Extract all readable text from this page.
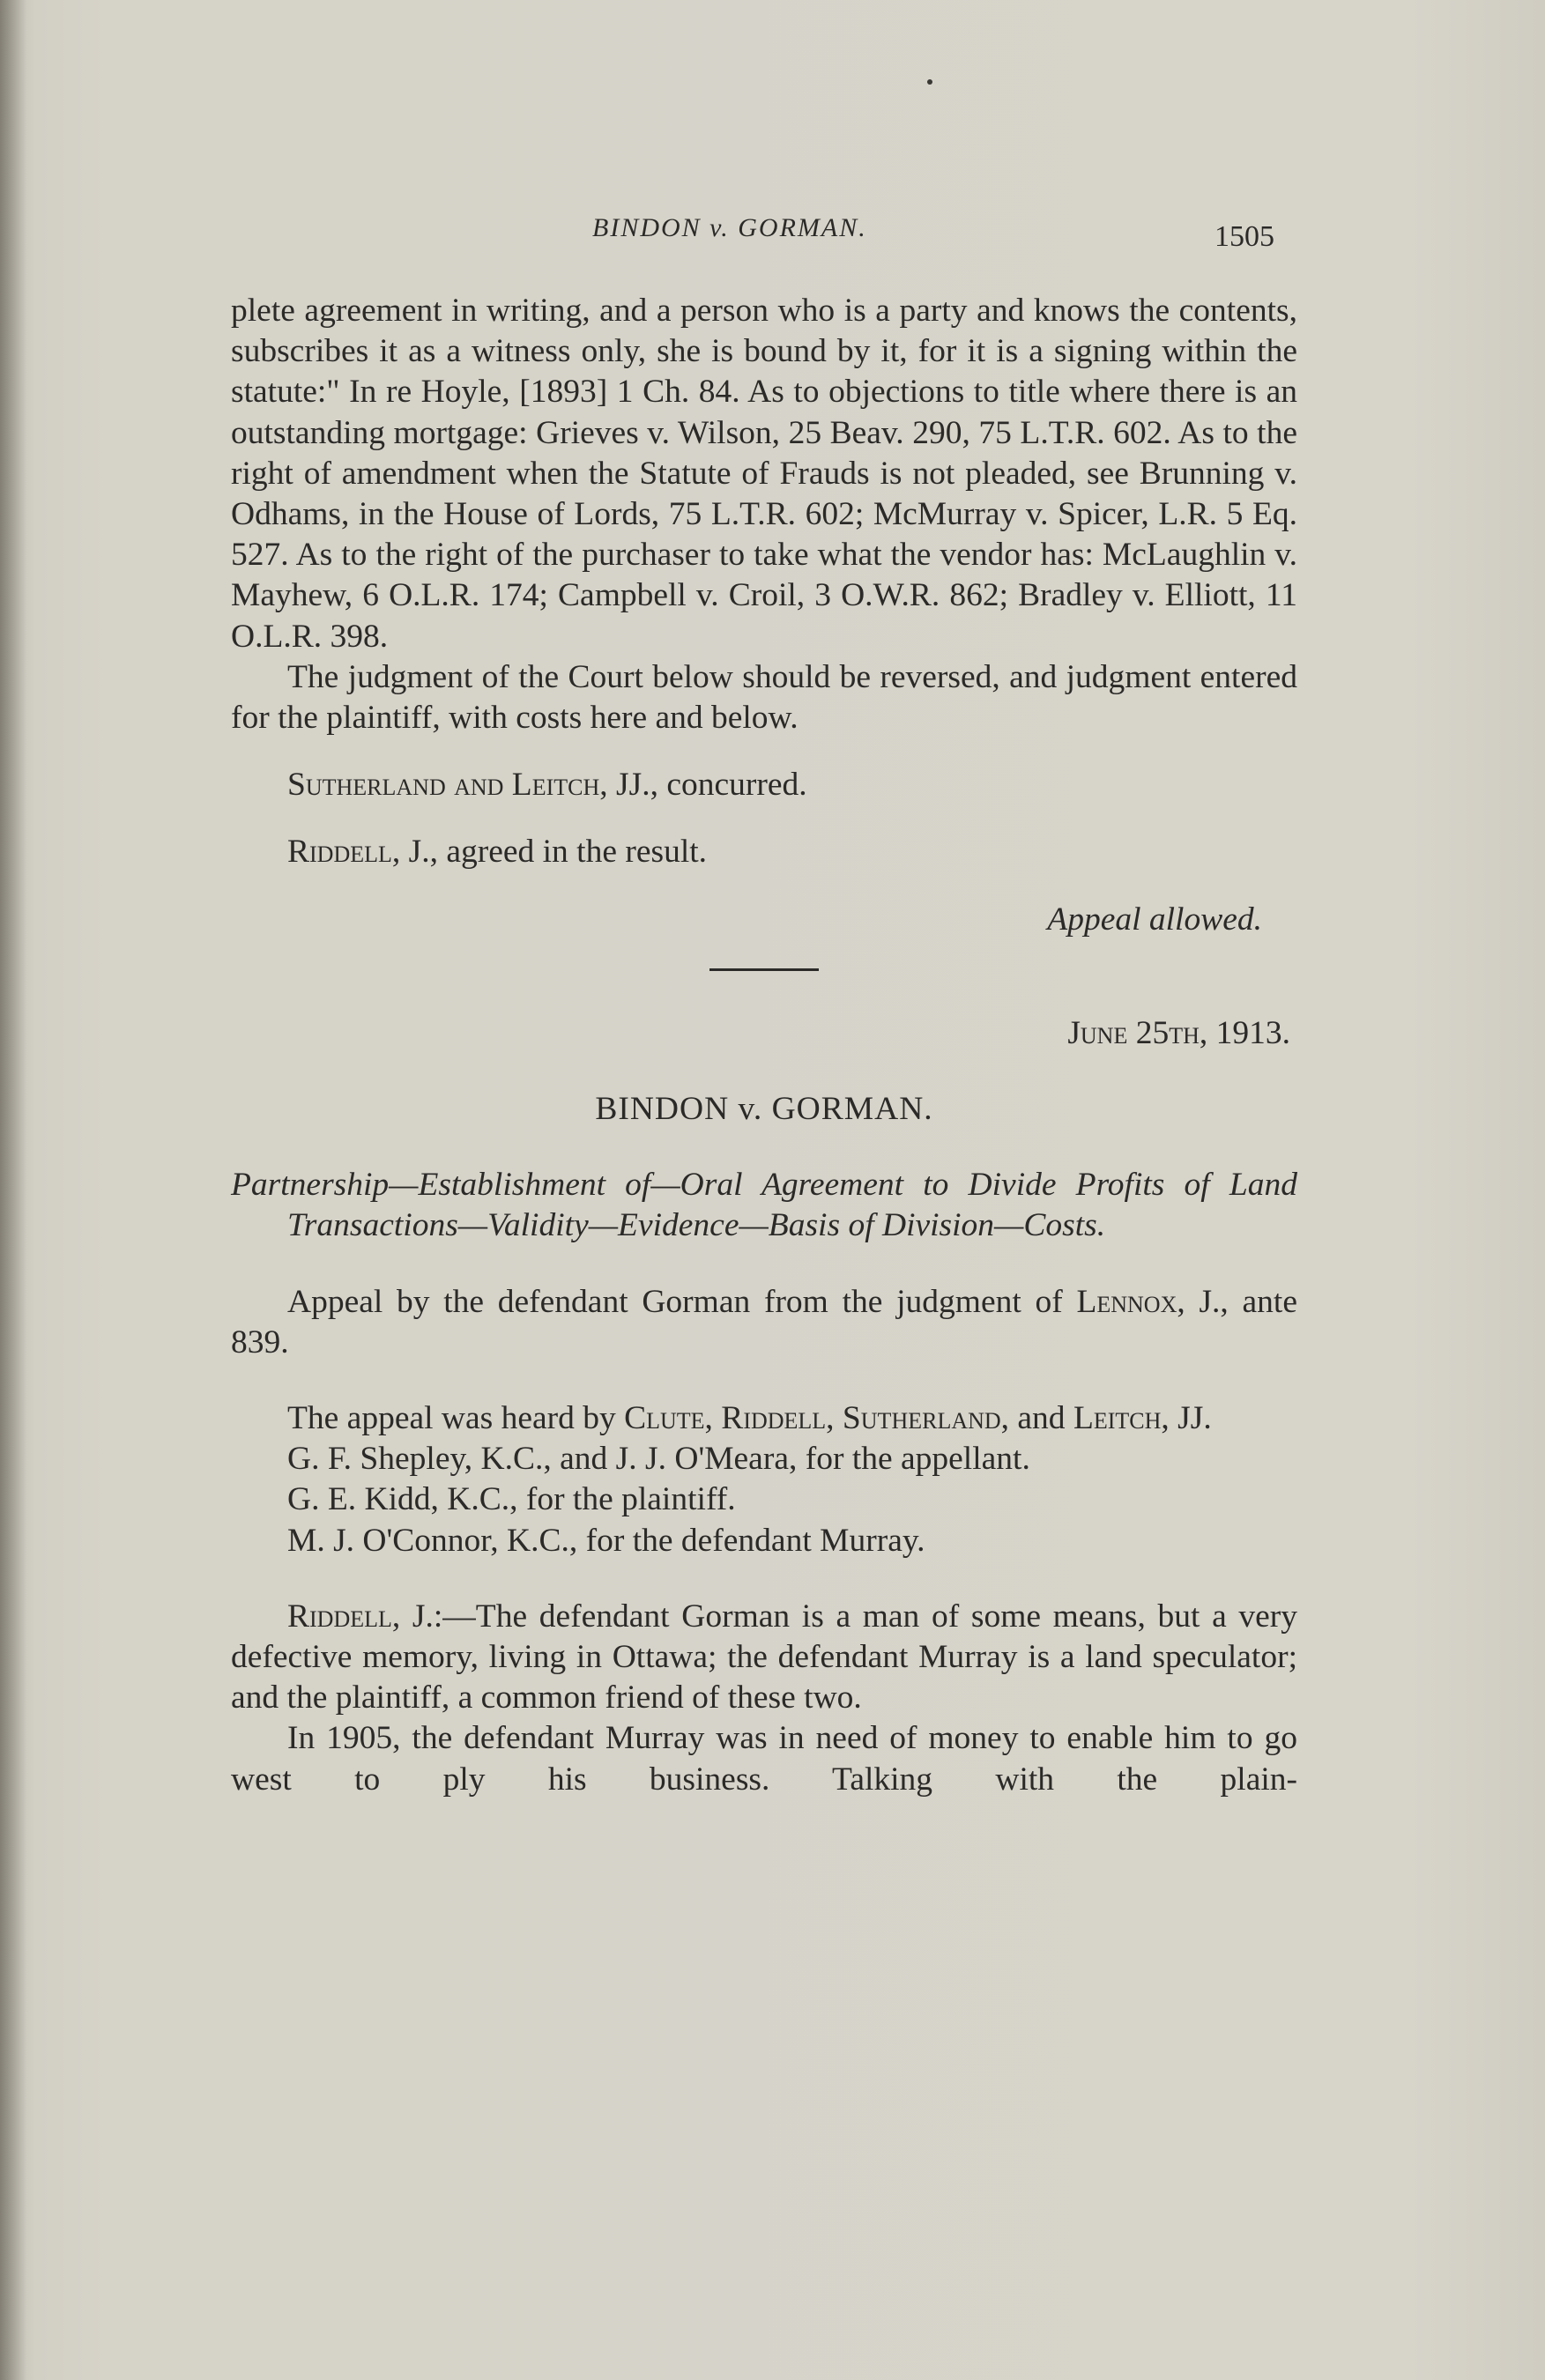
BINDON v. GORMAN.	1505

plete agreement in writing, and a person who is a party and knows the contents, subscribes it as a witness only, she is bound by it, for it is a signing within the statute:" In re Hoyle, [1893] 1 Ch. 84. As to objections to title where there is an outstanding mortgage: Grieves v. Wilson, 25 Beav. 290, 75 L.T.R. 602. As to the right of amendment when the Statute of Frauds is not pleaded, see Brunning v. Odhams, in the House of Lords, 75 L.T.R. 602; McMurray v. Spicer, L.R. 5 Eq. 527. As to the right of the purchaser to take what the vendor has: McLaughlin v. Mayhew, 6 O.L.R. 174; Campbell v. Croil, 3 O.W.R. 862; Bradley v. Elliott, 11 O.L.R. 398.

The judgment of the Court below should be reversed, and judgment entered for the plaintiff, with costs here and below.

Sutherland and Leitch, JJ., concurred.

Riddell, J., agreed in the result.

Appeal allowed.

June 25th, 1913.

BINDON v. GORMAN.

Partnership—Establishment of—Oral Agreement to Divide Profits of Land Transactions—Validity—Evidence—Basis of Division—Costs.

Appeal by the defendant Gorman from the judgment of Lennox, J., ante 839.

The appeal was heard by Clute, Riddell, Sutherland, and Leitch, JJ.

G. F. Shepley, K.C., and J. J. O'Meara, for the appellant.

G. E. Kidd, K.C., for the plaintiff.

M. J. O'Connor, K.C., for the defendant Murray.

Riddell, J.:—The defendant Gorman is a man of some means, but a very defective memory, living in Ottawa; the defendant Murray is a land speculator; and the plaintiff, a common friend of these two.

In 1905, the defendant Murray was in need of money to enable him to go west to ply his business. Talking with the plain-
